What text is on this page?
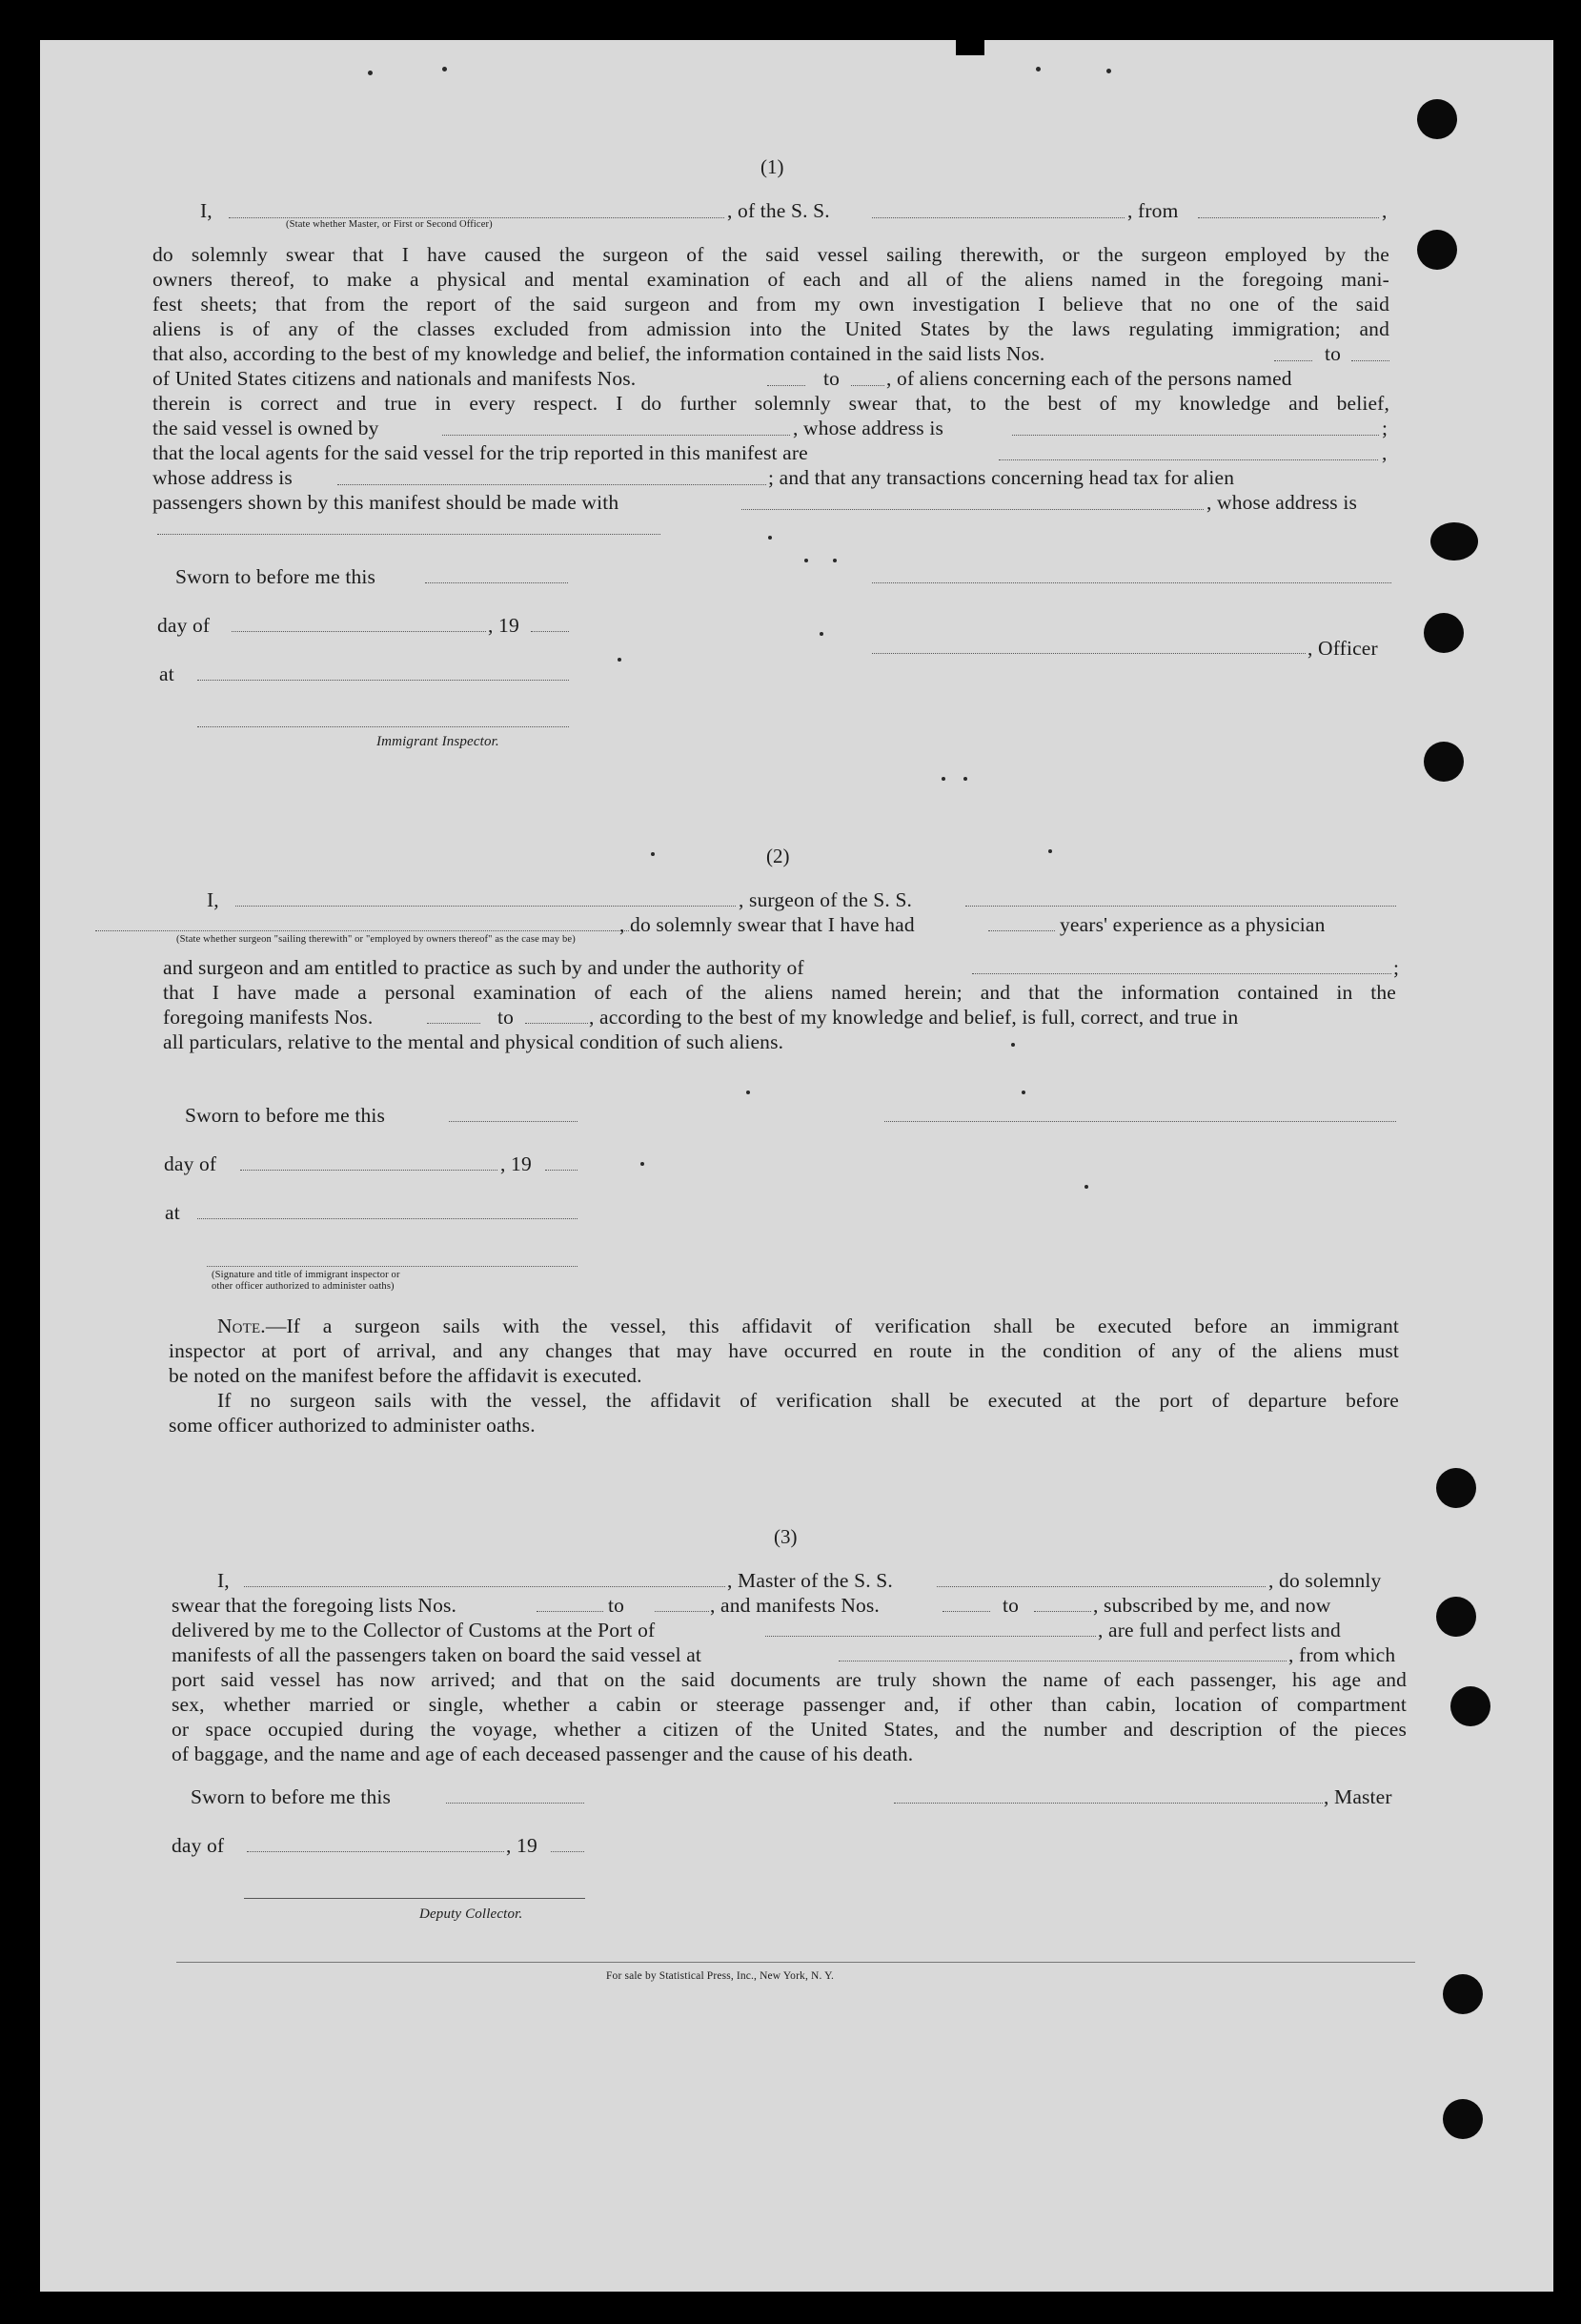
(1)
I,
(State whether Master, or First or Second Officer)
, of the S. S.	, from	,
do solemnly swear that I have caused the surgeon of the said vessel sailing therewith, or the surgeon employed by the
owners thereof, to make a physical and mental examination of each and all of the aliens named in the foregoing mani-
fest sheets; that from the report of the said surgeon and from my own investigation I believe that no one of the said
aliens is of any of the classes excluded from admission into the United States by the laws regulating immigration; and
that also, according to the best of my knowledge and belief, the information contained in the said lists Nos.	to
of United States citizens and nationals and manifests Nos.	to , of aliens concerning each of the persons named
therein is correct and true in every respect. I do further solemnly swear that, to the best of my knowledge and belief,
the said vessel is owned by	, whose address is	;
that the local agents for the said vessel for the trip reported in this manifest are	,
whose address is	; and that any transactions concerning head tax for alien
passengers shown by this manifest should be made with	, whose address is
Sworn to before me this
day of	, 19
, Officer
at
Immigrant Inspector.
(2)
I,	, surgeon of the S. S.
(State whether surgeon "sailing therewith" or "employed by owners thereof" as the case may be)
, do solemnly swear that I have had	years' experience as a physician
and surgeon and am entitled to practice as such by and under the authority of	;
that I have made a personal examination of each of the aliens named herein; and that the information contained in the
foregoing manifests Nos.	to	, according to the best of my knowledge and belief, is full, correct, and true in
all particulars, relative to the mental and physical condition of such aliens.
Sworn to before me this
day of	, 19
at
(Signature and title of immigrant inspector or
other officer authorized to administer oaths)
Note.—If a surgeon sails with the vessel, this affidavit of verification shall be executed before an immigrant
inspector at port of arrival, and any changes that may have occurred en route in the condition of any of the aliens must
be noted on the manifest before the affidavit is executed.
If no surgeon sails with the vessel, the affidavit of verification shall be executed at the port of departure before
some officer authorized to administer oaths.
(3)
I,	, Master of the S. S.	, do solemnly
swear that the foregoing lists Nos.	to	, and manifests Nos.	to	, subscribed by me, and now
delivered by me to the Collector of Customs at the Port of	, are full and perfect lists and
manifests of all the passengers taken on board the said vessel at	, from which
port said vessel has now arrived; and that on the said documents are truly shown the name of each passenger, his age and
sex, whether married or single, whether a cabin or steerage passenger and, if other than cabin, location of compartment
or space occupied during the voyage, whether a citizen of the United States, and the number and description of the pieces
of baggage, and the name and age of each deceased passenger and the cause of his death.
Sworn to before me this	, Master
day of	, 19
Deputy Collector.
For sale by Statistical Press, Inc., New York, N. Y.
